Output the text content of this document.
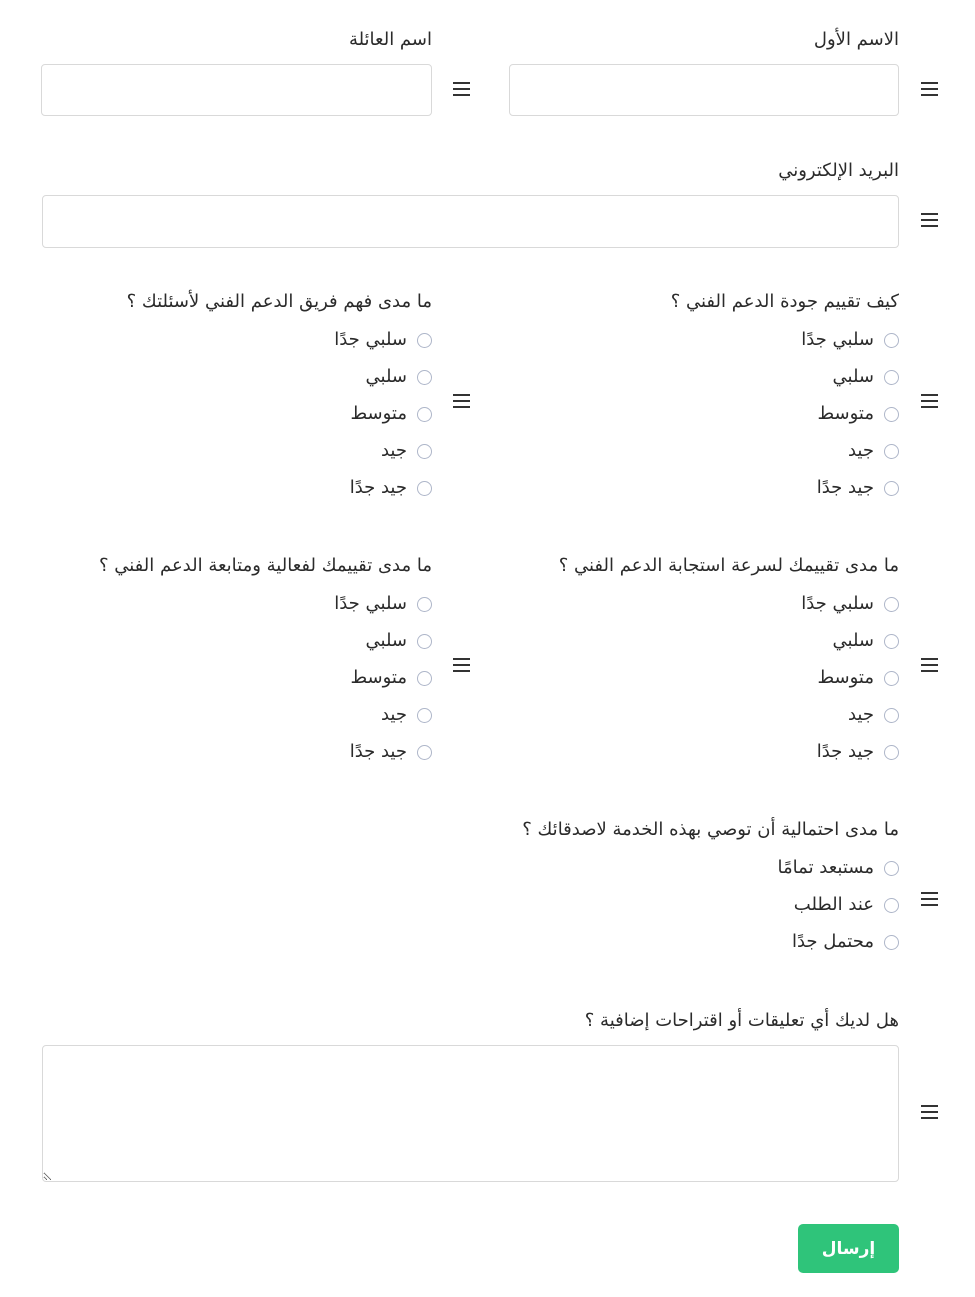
الاسم الأول
اسم العائلة
البريد الإلكتروني
كيف تقييم جودة الدعم الفني ؟
سلبي جدًا
سلبي
متوسط
جيد
جيد جدًا
ما مدى فهم فريق الدعم الفني لأسئلتك ؟
سلبي جدًا
سلبي
متوسط
جيد
جيد جدًا
ما مدى تقييمك لسرعة استجابة الدعم الفني ؟
سلبي جدًا
سلبي
متوسط
جيد
جيد جدًا
ما مدى تقييمك لفعالية ومتابعة الدعم الفني ؟
سلبي جدًا
سلبي
متوسط
جيد
جيد جدًا
ما مدى احتمالية أن توصي بهذه الخدمة لاصدقائك ؟
مستبعد تمامًا
عند الطلب
محتمل جدًا
هل لديك أي تعليقات أو اقتراحات إضافية ؟
إرسال
